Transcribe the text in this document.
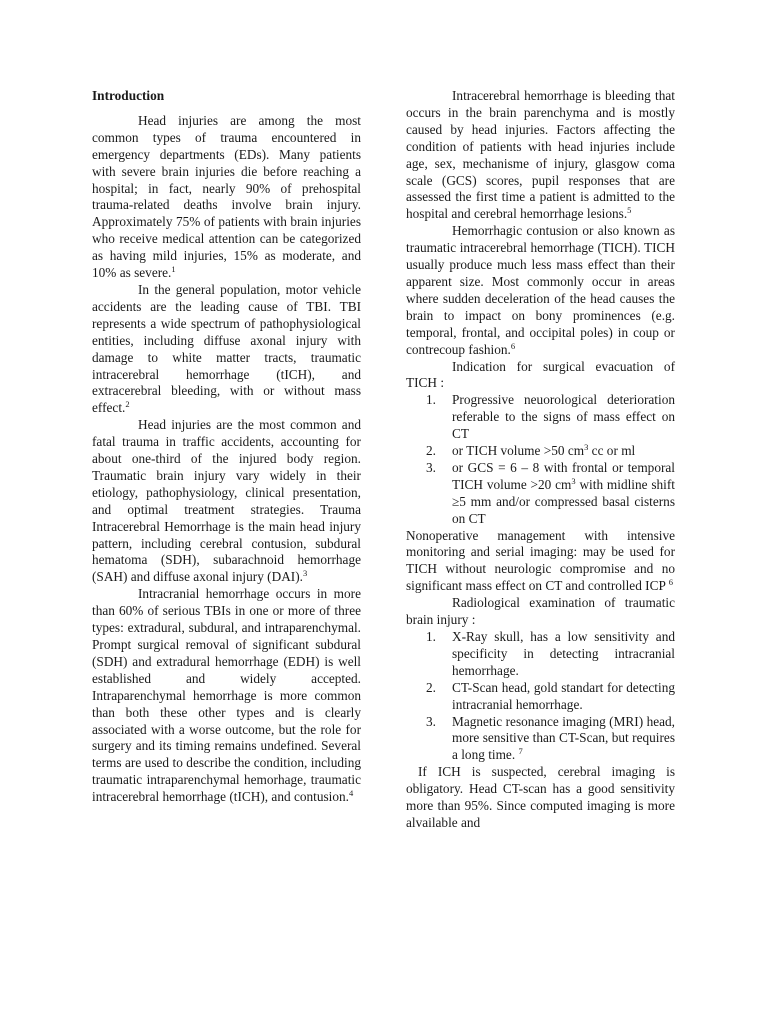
Introduction

Head injuries are among the most common types of trauma encountered in emergency departments (EDs). Many patients with severe brain injuries die before reaching a hospital; in fact, nearly 90% of prehospital trauma-related deaths involve brain injury. Approximately 75% of patients with brain injuries who receive medical attention can be categorized as having mild injuries, 15% as moderate, and 10% as severe.$^1$

In the general population, motor vehicle accidents are the leading cause of TBI. TBI represents a wide spectrum of pathophysiological entities, including diffuse axonal injury with damage to white matter tracts, traumatic intracerebral hemorrhage (tICH), and extracerebral bleeding, with or without mass effect.$^2$

Head injuries are the most common and fatal trauma in traffic accidents, accounting for about one-third of the injured body region. Traumatic brain injury vary widely in their etiology, pathophysiology, clinical presentation, and optimal treatment strategies. Trauma Intracerebral Hemorrhage is the main head injury pattern, including cerebral contusion, subdural hematoma (SDH), subarachnoid hemorrhage (SAH) and diffuse axonal injury (DAI).$^3$

Intracranial hemorrhage occurs in more than 60% of serious TBIs in one or more of three types: extradural, subdural, and intraparenchymal. Prompt surgical removal of significant subdural (SDH) and extradural hemorrhage (EDH) is well established and widely accepted. Intraparenchymal hemorrhage is more common than both these other types and is clearly associated with a worse outcome, but the role for surgery and its timing remains undefined. Several terms are used to describe the condition, including traumatic intraparenchymal hemorhage, traumatic intracerebral hemorrhage (tICH), and contusion.$^4$

Intracerebral hemorrhage is bleeding that occurs in the brain parenchyma and is mostly caused by head injuries. Factors affecting the condition of patients with head injuries include age, sex, mechanisme of injury, glasgow coma scale (GCS) scores, pupil responses that are assessed the first time a patient is admitted to the hospital and cerebral hemorrhage lesions.$^5$

Hemorrhagic contusion or also known as traumatic intracerebral hemorrhage (TICH). TICH usually produce much less mass effect than their apparent size. Most commonly occur in areas where sudden deceleration of the head causes the brain to impact on bony prominences (e.g. temporal, frontal, and occipital poles) in coup or contrecoup fashion.$^6$

Indication for surgical evacuation of TICH :

1. Progressive neuorological deterioration referable to the signs of mass effect on CT
2. or TICH volume >50 $cm^3$ cc or ml
3. or GCS = 6 – 8 with frontal or temporal TICH volume >20 $cm^3$ with midline shift ≥5 mm and/or compressed basal cisterns on CT

Nonoperative management with intensive monitoring and serial imaging: may be used for TICH without neurologic compromise and no significant mass effect on CT and controlled ICP $^6$

Radiological examination of traumatic brain injury :

1. X-Ray skull, has a low sensitivity and specificity in detecting intracranial hemorrhage.
2. CT-Scan head, gold standart for detecting intracranial hemorrhage.
3. Magnetic resonance imaging (MRI) head, more sensitive than CT-Scan, but requires a long time. $^7$

If ICH is suspected, cerebral imaging is obligatory. Head CT-scan has a good sensitivity more than 95%. Since computed imaging is more alvailable and
